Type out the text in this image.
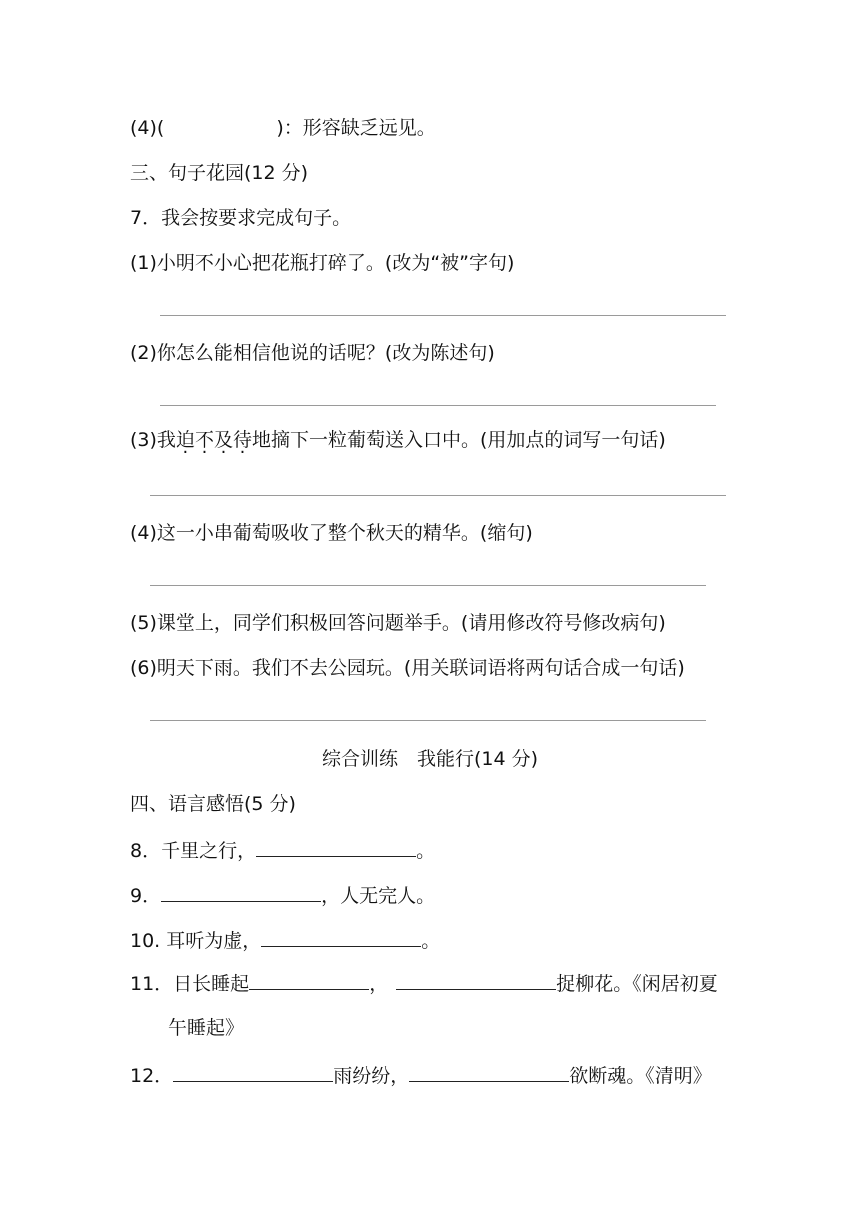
(4)(	)：形容缺乏远见。
三、句子花园(12 分)
7．我会按要求完成句子。
(1)小明不小心把花瓶打碎了。(改为“被”字句)
(2)你怎么能相信他说的话呢？(改为陈述句)
(3)我迫不及待地摘下一粒葡萄送入口中。(用加点的词写一句话)
(4)这一小串葡萄吸收了整个秋天的精华。(缩句)
(5)课堂上，同学们积极回答问题举手。(请用修改符号修改病句)
(6)明天下雨。我们不去公园玩。(用关联词语将两句话合成一句话)
综合训练　我能行(14 分)
四、语言感悟(5 分)
8．千里之行，	。
9．	，人无完人。
10. 耳听为虚，	。
11．日长睡起	，	捉柳花。《闲居初夏
午睡起》
12．	雨纷纷，	欲断魂。《清明》
